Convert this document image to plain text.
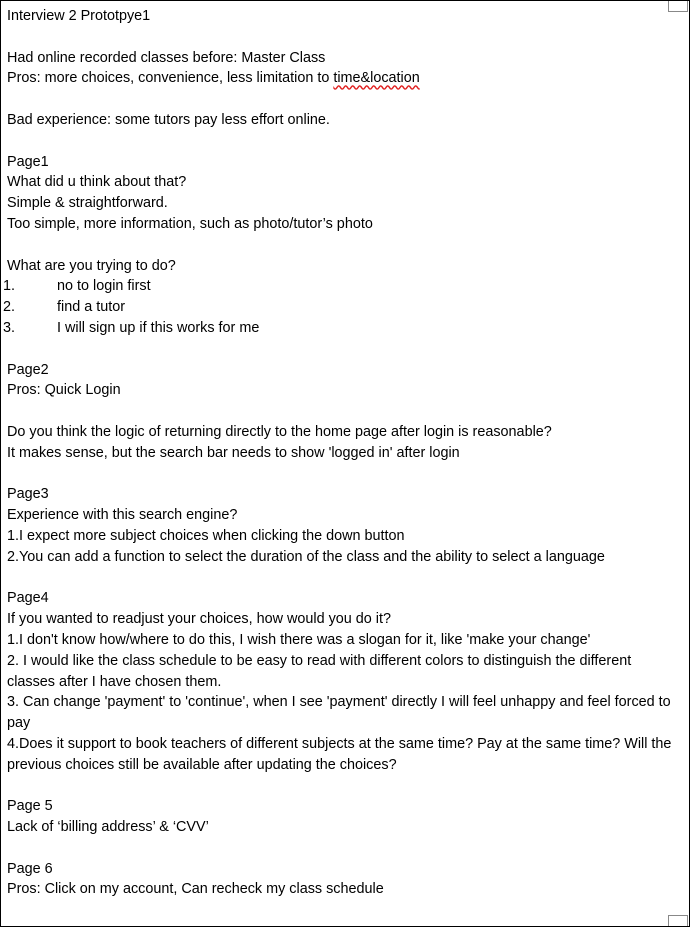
Interview 2 Prototpye1
Had online recorded classes before: Master Class
Pros: more choices, convenience, less limitation to time&location
Bad experience: some tutors pay less effort online.
Page1
What did u think about that?
Simple & straightforward.
Too simple, more information, such as photo/tutor’s photo
What are you trying to do?
1.	no to login first
2.	find a tutor
3.	I will sign up if this works for me
Page2
Pros: Quick Login
Do you think the logic of returning directly to the home page after login is reasonable?
It makes sense, but the search bar needs to show 'logged in' after login
Page3
Experience with this search engine?
1.I expect more subject choices when clicking the down button
2.You can add a function to select the duration of the class and the ability to select a language
Page4
If you wanted to readjust your choices, how would you do it?
1.I don't know how/where to do this, I wish there was a slogan for it, like 'make your change'
2. I would like the class schedule to be easy to read with different colors to distinguish the different classes after I have chosen them.
3. Can change 'payment' to 'continue', when I see 'payment' directly I will feel unhappy and feel forced to pay
4.Does it support to book teachers of different subjects at the same time? Pay at the same time? Will the previous choices still be available after updating the choices?
Page 5
Lack of ‘billing address’ & ‘CVV’
Page 6
Pros: Click on my account, Can recheck my class schedule
